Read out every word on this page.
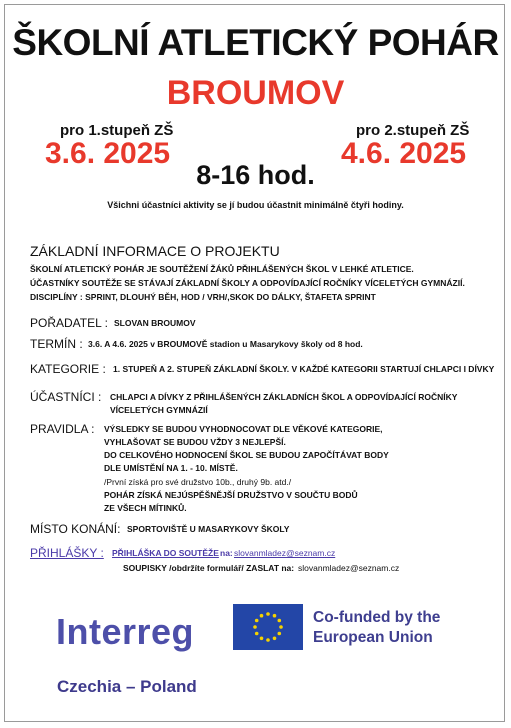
ŠKOLNÍ ATLETICKÝ POHÁR
BROUMOV
pro 1.stupeň ZŠ
3.6. 2025
pro 2.stupeň ZŠ
4.6. 2025
8-16 hod.
Všichni účastníci aktivity se jí budou účastnit minimálně čtyři hodiny.
ZÁKLADNÍ INFORMACE O PROJEKTU
ŠKOLNÍ ATLETICKÝ POHÁR JE SOUTĚŽENÍ ŽÁKŮ PŘIHLÁŠENÝCH ŠKOL V LEHKÉ ATLETICE.
ÚČASTNÍKY SOUTĚŽE SE STÁVAJÍ ZÁKLADNÍ ŠKOLY A ODPOVÍDAJÍCÍ ROČNÍKY VÍCELETÝCH GYMNÁZIÍ.
DISCIPLÍNY : SPRINT, DLOUHÝ BĚH, HOD / VRH/,SKOK DO DÁLKY, ŠTAFETA SPRINT
POŘADATEL : SLOVAN BROUMOV
TERMÍN : 3.6. A 4.6. 2025 v BROUMOVĚ stadion u Masarykovy školy od 8 hod.
KATEGORIE : 1. STUPEŇ A 2. STUPEŇ ZÁKLADNÍ ŠKOLY. V KAŽDÉ KATEGORII STARTUJÍ CHLAPCI I DÍVKY
ÚČASTNÍCI : CHLAPCI A DÍVKY Z PŘIHLÁŠENÝCH ZÁKLADNÍCH ŠKOL A ODPOVÍDAJÍCÍ ROČNÍKY
VÍCELETÝCH GYMNÁZIÍ
PRAVIDLA : VÝSLEDKY SE BUDOU VYHODNOCOVAT DLE VĚKOVÉ KATEGORIE,
VYHLAŠOVAT SE BUDOU VŽDY 3 NEJLEPŠÍ.
DO CELKOVÉHO HODNOCENÍ ŠKOL SE BUDOU ZAPOČÍTÁVAT BODY
DLE UMÍSTĚNÍ NA 1. - 10. MÍSTĚ.
/První získá pro své družstvo 10b., druhý 9b. atd./
POHÁR ZÍSKÁ NEJÚSPĚŠNĚJŠÍ DRUŽSTVO V SOUČTU BODŮ
ZE VŠECH MÍTINKŮ.
MÍSTO KONÁNÍ: SPORTOVIŠTĚ U MASARYKOVY ŠKOLY
PŘIHLÁŠKY : PŘIHLÁŠKA DO SOUTĚŽE na: slovanmladez@seznam.cz
SOUPISKY /obdržíte formulář/ ZASLAT na: slovanmladez@seznam.cz
Interreg	Co-funded by the European Union
Czechia – Poland
